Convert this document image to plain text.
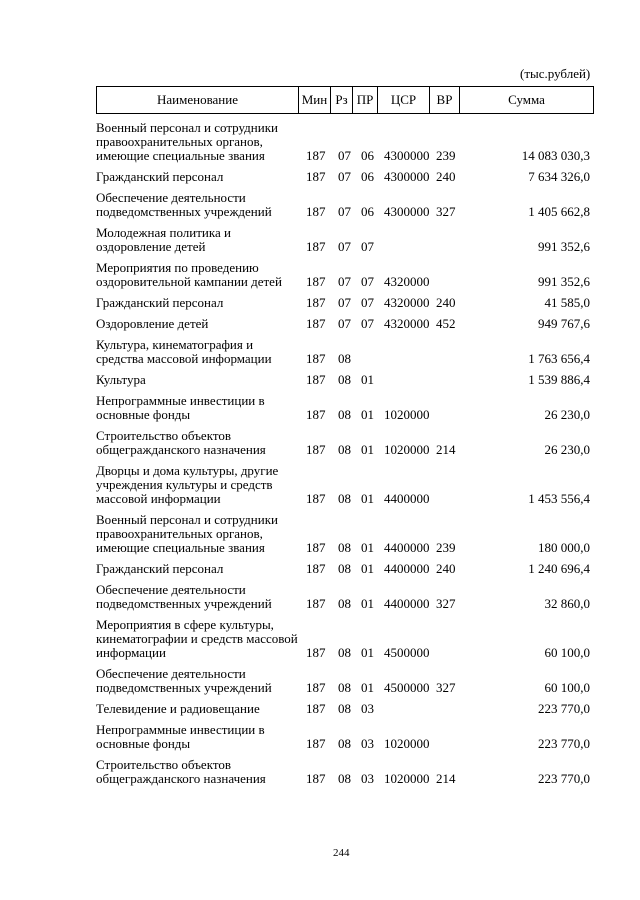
(тыс.рублей)
Наименование	Мин Рз ПР	ЦСР	ВР	Сумма
Военный персонал и сотрудники правоохранительных органов, имеющие специальные звания	187 07 06 4300000 239	14 083 030,3
Гражданский персонал	187 07 06 4300000 240	7 634 326,0
Обеспечение деятельности подведомственных учреждений	187 07 06 4300000 327	1 405 662,8
Молодежная политика и оздоровление детей	187 07 07	991 352,6
Мероприятия по проведению оздоровительной кампании детей	187 07 07 4320000	991 352,6
Гражданский персонал	187 07 07 4320000 240	41 585,0
Оздоровление детей	187 07 07 4320000 452	949 767,6
Культура, кинематография и средства массовой информации	187 08	1 763 656,4
Культура	187 08 01	1 539 886,4
Непрограммные инвестиции в основные фонды	187 08 01 1020000	26 230,0
Строительство объектов общегражданского назначения	187 08 01 1020000 214	26 230,0
Дворцы и дома культуры, другие учреждения культуры и средств массовой информации	187 08 01 4400000	1 453 556,4
Военный персонал и сотрудники правоохранительных органов, имеющие специальные звания	187 08 01 4400000 239	180 000,0
Гражданский персонал	187 08 01 4400000 240	1 240 696,4
Обеспечение деятельности подведомственных учреждений	187 08 01 4400000 327	32 860,0
Мероприятия в сфере культуры, кинематографии и средств массовой информации	187 08 01 4500000	60 100,0
Обеспечение деятельности подведомственных учреждений	187 08 01 4500000 327	60 100,0
Телевидение и радиовещание	187 08 03	223 770,0
Непрограммные инвестиции в основные фонды	187 08 03 1020000	223 770,0
Строительство объектов общегражданского назначения	187 08 03 1020000 214	223 770,0
244
